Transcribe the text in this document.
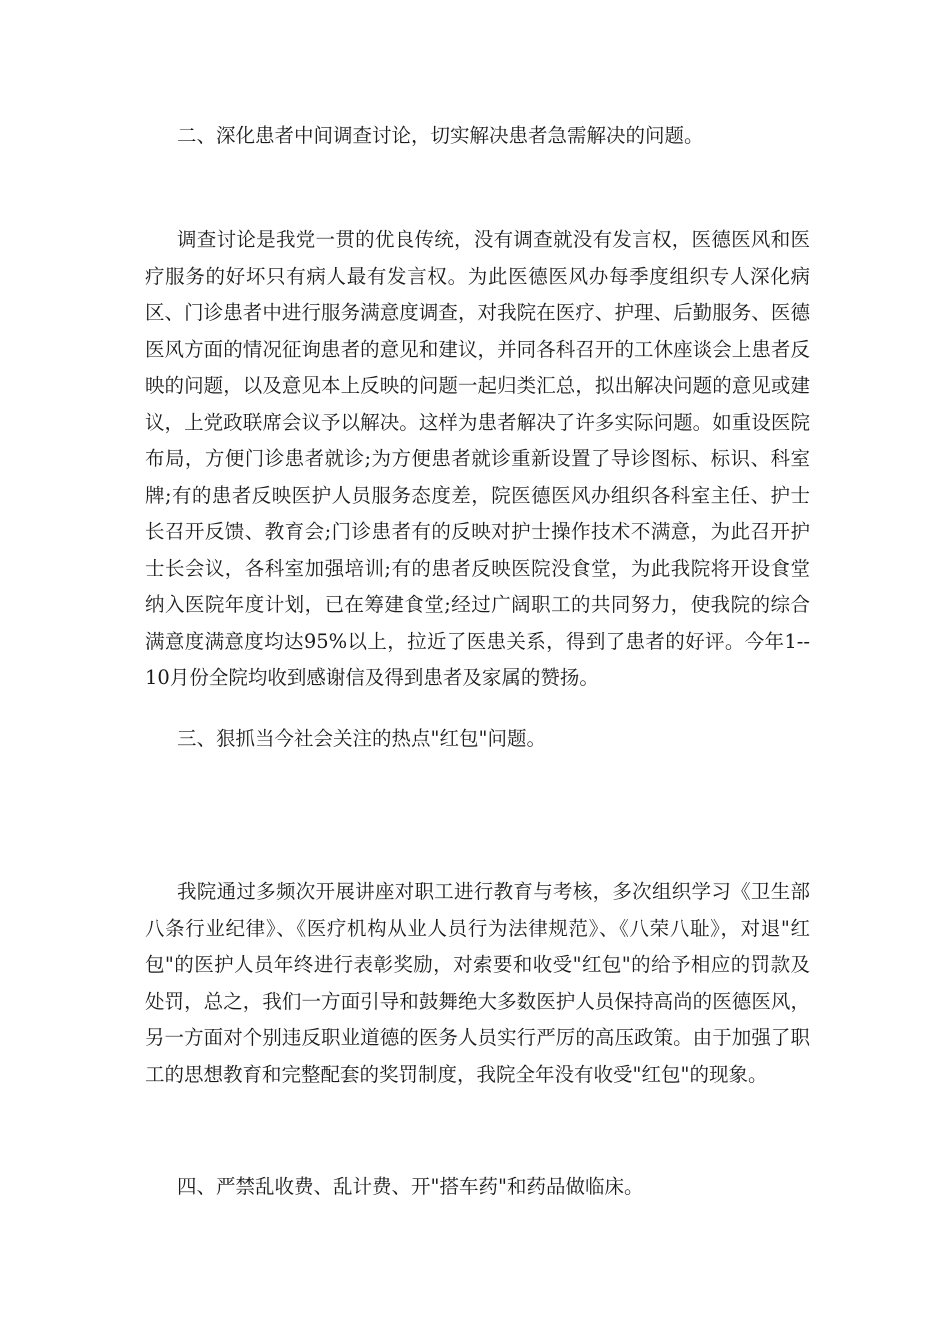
二、深化患者中间调查讨论，切实解决患者急需解决的问题。

调查讨论是我党一贯的优良传统，没有调查就没有发言权，医德医风和医疗服务的好坏只有病人最有发言权。为此医德医风办每季度组织专人深化病区、门诊患者中进行服务满意度调查，对我院在医疗、护理、后勤服务、医德医风方面的情况征询患者的意见和建议，并同各科召开的工休座谈会上患者反映的问题，以及意见本上反映的问题一起归类汇总，拟出解决问题的意见或建议，上党政联席会议予以解决。这样为患者解决了许多实际问题。如重设医院布局，方便门诊患者就诊;为方便患者就诊重新设置了导诊图标、标识、科室牌;有的患者反映医护人员服务态度差，院医德医风办组织各科室主任、护士长召开反馈、教育会;门诊患者有的反映对护士操作技术不满意，为此召开护士长会议，各科室加强培训;有的患者反映医院没食堂，为此我院将开设食堂纳入医院年度计划，已在筹建食堂;经过广阔职工的共同努力，使我院的综合满意度满意度均达95%以上，拉近了医患关系，得到了患者的好评。今年1--10月份全院均收到感谢信及得到患者及家属的赞扬。

三、狠抓当今社会关注的热点"红包"问题。

我院通过多频次开展讲座对职工进行教育与考核，多次组织学习《卫生部八条行业纪律》、《医疗机构从业人员行为法律规范》、《八荣八耻》，对退"红包"的医护人员年终进行表彰奖励，对索要和收受"红包"的给予相应的罚款及处罚，总之，我们一方面引导和鼓舞绝大多数医护人员保持高尚的医德医风，另一方面对个别违反职业道德的医务人员实行严厉的高压政策。由于加强了职工的思想教育和完整配套的奖罚制度，我院全年没有收受"红包"的现象。

四、严禁乱收费、乱计费、开"搭车药"和药品做临床。
